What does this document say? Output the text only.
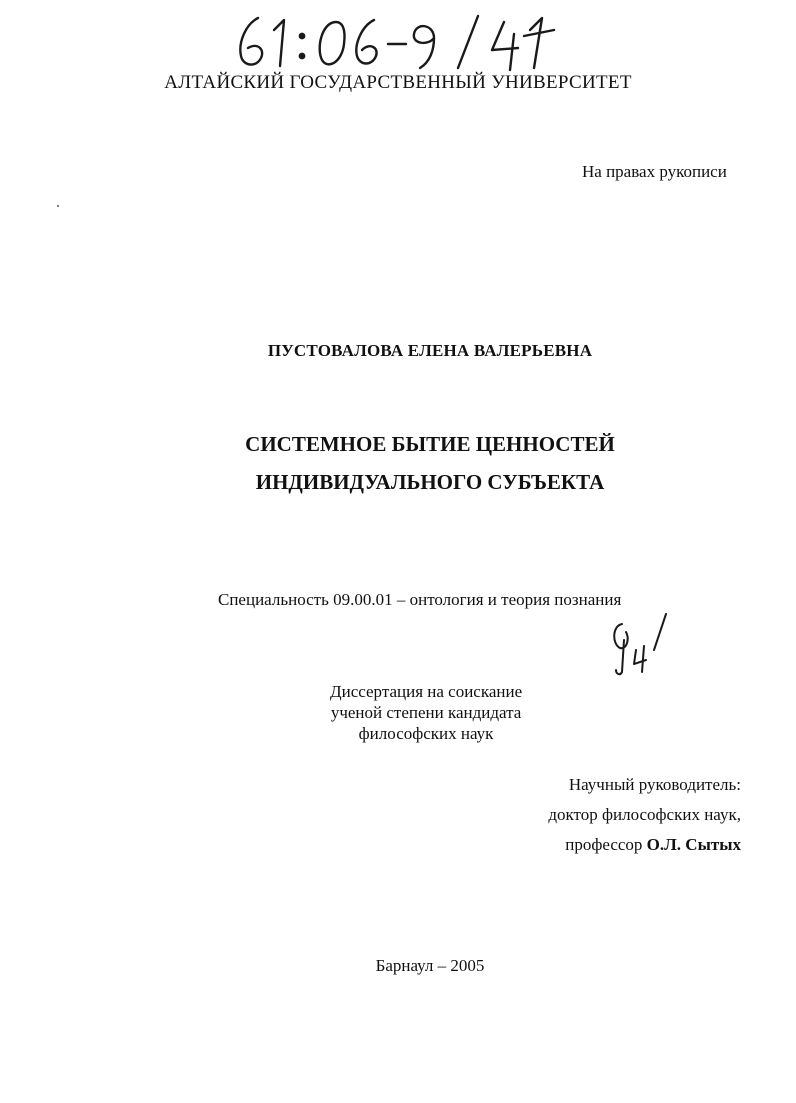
АЛТАЙСКИЙ ГОСУДАРСТВЕННЫЙ УНИВЕРСИТЕТ
На правах рукописи
ПУСТОВАЛОВА ЕЛЕНА ВАЛЕРЬЕВНА
СИСТЕМНОЕ БЫТИЕ ЦЕННОСТЕЙ
ИНДИВИДУАЛЬНОГО СУБЪЕКТА
Специальность 09.00.01 – онтология и теория познания
Диссертация на соискание
ученой степени кандидата
философских наук
Научный руководитель:
доктор философских наук,
профессор О.Л. Сытых
Барнаул – 2005
